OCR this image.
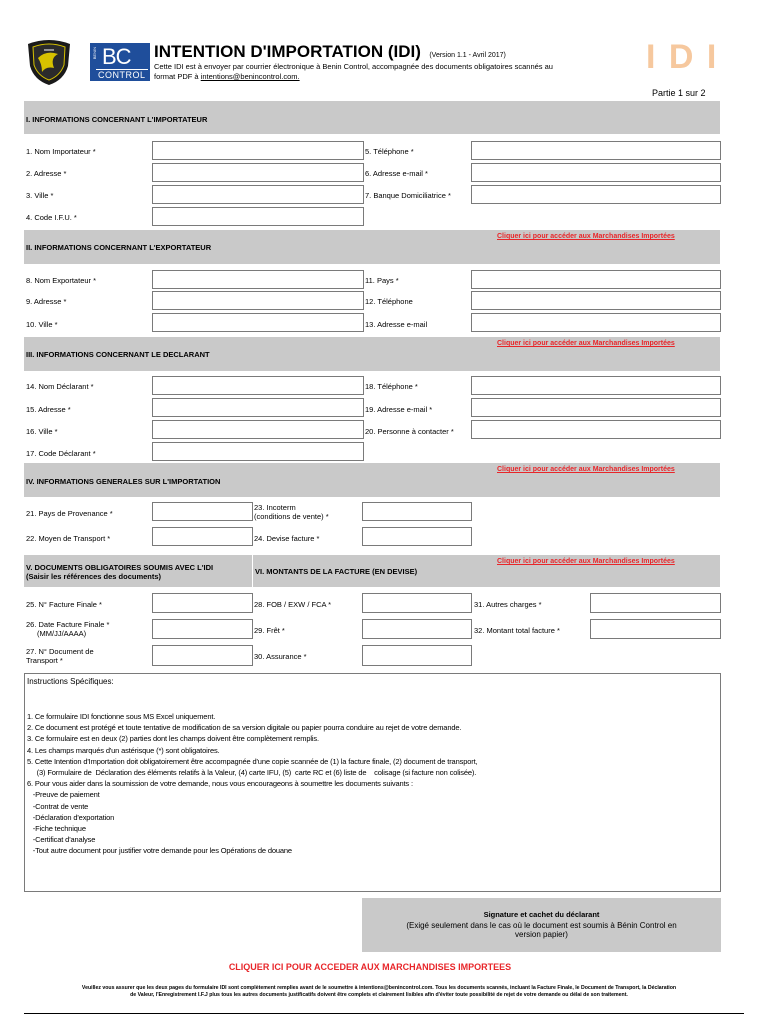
BENIN BC
CONTROL
INTENTION D'IMPORTATION (IDI) (Version 1.1 - Avril 2017)
Cette IDI est à envoyer par courrier électronique à Benin Control, accompagnée des documents obligatoires scannés au
format PDF à intentions@benincontrol.com.
I D I
Partie 1 sur 2
I. INFORMATIONS CONCERNANT L'IMPORTATEUR
1. Nom Importateur *
2. Adresse *
3. Ville *
4. Code I.F.U. *
5. Téléphone *
6. Adresse e-mail *
7. Banque Domiciliatrice *
II. INFORMATIONS CONCERNANT L'EXPORTATEUR
Cliquer ici pour accéder aux Marchandises Importées
8. Nom Exportateur *
9. Adresse *
10. Ville *
11. Pays *
12. Téléphone
13. Adresse e-mail
III. INFORMATIONS CONCERNANT LE DECLARANT
Cliquer ici pour accéder aux Marchandises Importées
14. Nom Déclarant *
15. Adresse *
16. Ville *
17. Code Déclarant *
18. Téléphone *
19. Adresse e-mail *
20. Personne à contacter *
IV. INFORMATIONS GENERALES SUR L'IMPORTATION
Cliquer ici pour accéder aux Marchandises Importées
21. Pays de Provenance *
22. Moyen de Transport *
23. Incoterm
(conditions de vente) *
24. Devise facture *
V. DOCUMENTS OBLIGATOIRES SOUMIS AVEC L'IDI
(Saisir les références des documents)
VI. MONTANTS DE LA FACTURE (EN DEVISE)
Cliquer ici pour accéder aux Marchandises Importées
25. N° Facture Finale *
26. Date Facture Finale *
(MM/JJ/AAAA)
27. N° Document de
Transport *
28. FOB / EXW / FCA *
29. Frêt *
30. Assurance *
31. Autres charges *
32. Montant total facture *
Instructions Spécifiques:
1. Ce formulaire IDI fonctionne sous MS Excel uniquement.
2. Ce document est protégé et toute tentative de modification de sa version digitale ou papier pourra conduire au rejet de votre demande.
3. Ce formulaire est en deux (2) parties dont les champs doivent être complètement remplis.
4. Les champs marqués d'un astérisque (*) sont obligatoires.
5. Cette Intention d'Importation doit obligatoirement être accompagnée d'une copie scannée de (1) la facture finale, (2) document de transport,
(3) Formulaire de  Déclaration des éléments relatifs à la Valeur, (4) carte IFU, (5)  carte RC et (6) liste de    colisage (si facture non colisée).
6. Pour vous aider dans la soumission de votre demande, nous vous encourageons à soumettre les documents suivants :
-Preuve de paiement
-Contrat de vente
-Déclaration d'exportation
-Fiche technique
-Certificat d'analyse
-Tout autre document pour justifier votre demande pour les Opérations de douane
Signature et cachet du déclarant
(Exigé seulement dans le cas où le document est soumis à Bénin Control en
version papier)
CLIQUER ICI POUR ACCEDER AUX MARCHANDISES IMPORTEES
Veuillez vous assurer que les deux pages du formulaire IDI sont complètement remplies avant de le soumettre à intentions@benincontrol.com. Tous les documents scannés, incluant la Facture Finale, le Document de Transport, la Déclaration
de Valeur, l'Enregistrement I.F.J plus tous les autres documents justificatifs doivent être complets et clairement lisibles afin d'éviter toute possibilité de rejet de votre demande ou délai de son traitement.
